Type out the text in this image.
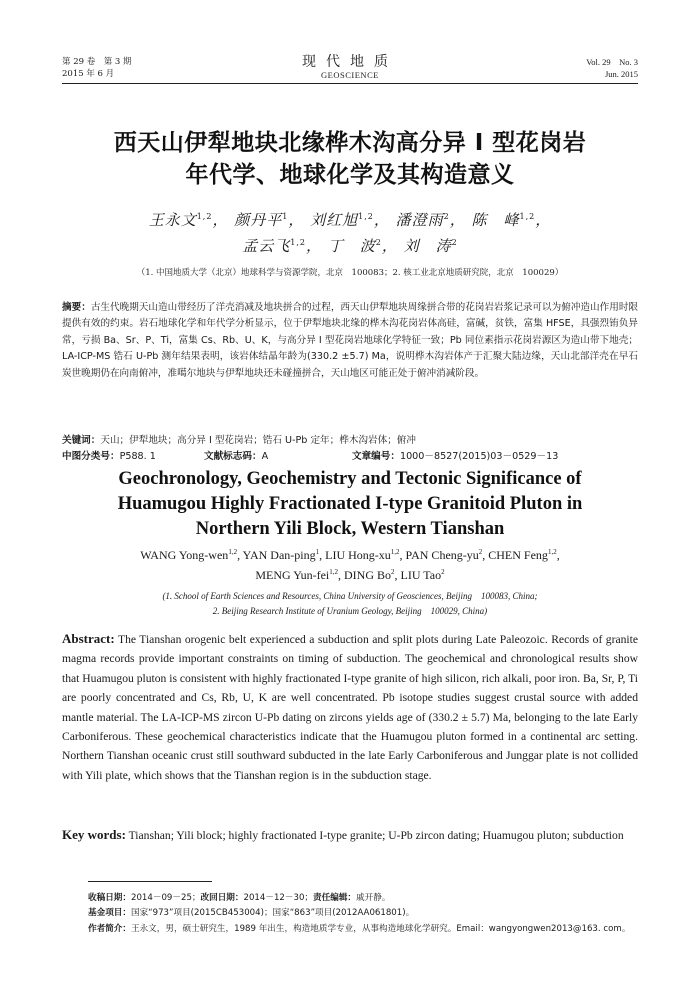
第 29 卷　第 3 期
2015 年 6 月
现代地质
GEOSCIENCE
Vol. 29　No. 3
Jun. 2015
西天山伊犁地块北缘桦木沟高分异 I 型花岗岩
年代学、地球化学及其构造意义
王永文$^{1,2}$， 颜丹平$^1$， 刘红旭$^{1,2}$， 潘澄雨$^2$， 陈　峰$^{1,2}$，
孟云飞$^{1,2}$， 丁　波$^2$， 刘　涛$^2$
（1. 中国地质大学（北京）地球科学与资源学院，北京　100083；2. 核工业北京地质研究院，北京　100029）
摘要：古生代晚期天山造山带经历了洋壳消减及地块拼合的过程，西天山伊犁地块周缘拼合带的花岗岩岩浆记录可以为俯冲造山作用时限提供有效的约束。岩石地球化学和年代学分析显示，位于伊犁地块北缘的桦木沟花岗岩体高硅，富碱，贫铁，富集 HFSE，具强烈铕负异常，亏损 Ba、Sr、P、Ti，富集 Cs、Rb、U、K，与高分异 I 型花岗岩地球化学特征一致；Pb 同位素指示花岗岩源区为造山带下地壳；LA-ICP-MS 锆石 U-Pb 测年结果表明，该岩体结晶年龄为(330.2 ±5.7) Ma，说明桦木沟岩体产于汇聚大陆边缘，天山北部洋壳在早石炭世晚期仍在向南俯冲，准噶尔地块与伊犁地块还未碰撞拼合，天山地区可能正处于俯冲消减阶段。
关键词：天山；伊犁地块；高分异 I 型花岗岩；锆石 U-Pb 定年；桦木沟岩体；俯冲
中图分类号：P588. 1	文献标志码：A	文章编号：1000－8527(2015)03－0529－13
Geochronology, Geochemistry and Tectonic Significance of
Huamugou Highly Fractionated I-type Granitoid Pluton in
Northern Yili Block, Western Tianshan
WANG Yong-wen$^{1,2}$, YAN Dan-ping$^1$, LIU Hong-xu$^{1,2}$, PAN Cheng-$yu^2$, CHEN Feng$^{1,2}$,
MENG Yun-fei$^{1,2}$, DING Bo$^2$, LIU Tao$^2$
(1. School of Earth Sciences and Resources, China University of Geosciences, Beijing　100083, China;
2. Beijing Research Institute of Uranium Geology, Beijing　100029, China)
Abstract: The Tianshan orogenic belt experienced a subduction and split plots during Late Paleozoic. Records of granite magma records provide important constraints on timing of subduction. The geochemical and chronological results show that Huamugou pluton is consistent with highly fractionated I-type granite of high silicon, rich alkali, poor iron. Ba, Sr, P, Ti are poorly concentrated and Cs, Rb, U, K are well concentrated. Pb isotope studies suggest crustal source with added mantle material. The LA-ICP-MS zircon U-Pb dating on zircons yields age of (330.2 ± 5.7) Ma, belonging to the late Early Carboniferous. These geochemical characteristics indicate that the Huamugou pluton formed in a continental arc setting. Northern Tianshan oceanic crust still southward subducted in the late Early Carboniferous and Junggar plate is not collided with Yili plate, which shows that the Tianshan region is in the subduction stage.
Key words: Tianshan; Yili block; highly fractionated I-type granite; U-Pb zircon dating; Huamugou pluton; subduction
收稿日期：2014－09－25；改回日期：2014－12－30；责任编辑：戚开静。
基金项目：国家“973”项目(2015CB453004)；国家“863”项目(2012AA061801)。
作者简介：王永文，男，硕士研究生，1989 年出生，构造地质学专业，从事构造地球化学研究。Email：wangyongwen2013@163. com。
